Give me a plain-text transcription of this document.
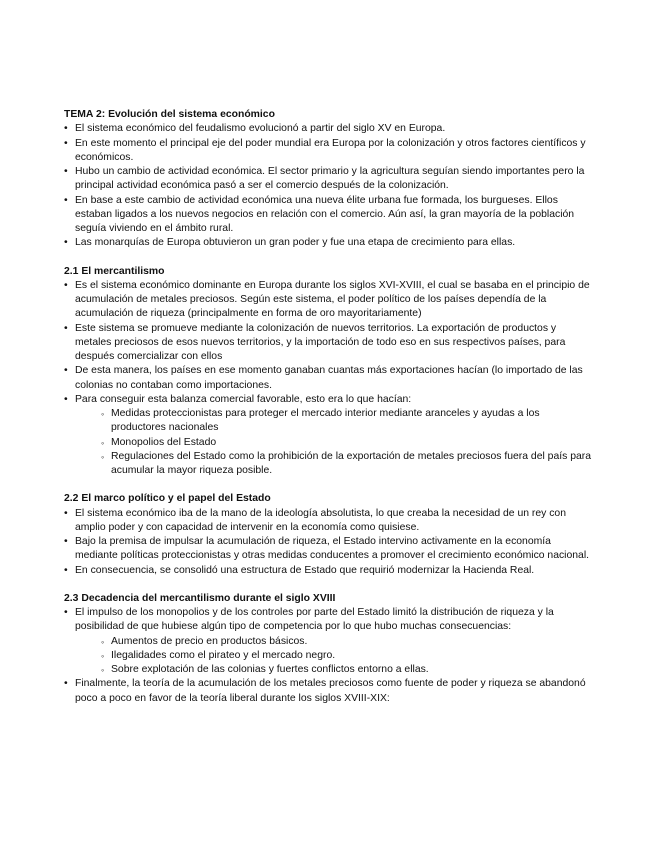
TEMA 2: Evolución del sistema económico
• El sistema económico del feudalismo evolucionó a partir del siglo XV en Europa.
• En este momento el principal eje del poder mundial era Europa por la colonización y otros factores científicos y económicos.
• Hubo un cambio de actividad económica. El sector primario y la agricultura seguían siendo importantes pero la principal actividad económica pasó a ser el comercio después de la colonización.
• En base a este cambio de actividad económica una nueva élite urbana fue formada, los burgueses. Ellos estaban ligados a los nuevos negocios en relación con el comercio. Aún así, la gran mayoría de la población seguía viviendo en el ámbito rural.
• Las monarquías de Europa obtuvieron un gran poder y fue una etapa de crecimiento para ellas.
2.1 El mercantilismo
• Es el sistema económico dominante en Europa durante los siglos XVI-XVIII, el cual se basaba en el principio de acumulación de metales preciosos. Según este sistema, el poder político de los países dependía de la acumulación de riqueza (principalmente en forma de oro mayoritariamente)
• Este sistema se promueve mediante la colonización de nuevos territorios. La exportación de productos y metales preciosos de esos nuevos territorios, y la importación de todo eso en sus respectivos países, para después comercializar con ellos
• De esta manera, los países en ese momento ganaban cuantas más exportaciones hacían (lo importado de las colonias no contaban como importaciones.
• Para conseguir esta balanza comercial favorable, esto era lo que hacían:
◦ Medidas proteccionistas para proteger el mercado interior mediante aranceles y ayudas a los productores nacionales
◦ Monopolios del Estado
◦ Regulaciones del Estado como la prohibición de la exportación de metales preciosos fuera del país para acumular la mayor riqueza posible.
2.2 El marco político y el papel del Estado
• El sistema económico iba de la mano de la ideología absolutista, lo que creaba la necesidad de un rey con amplio poder y con capacidad de intervenir en la economía como quisiese.
• Bajo la premisa de impulsar la acumulación de riqueza, el Estado intervino activamente en la economía mediante políticas proteccionistas y otras medidas conducentes a promover el crecimiento económico nacional.
• En consecuencia, se consolidó una estructura de Estado que requirió modernizar la Hacienda Real.
2.3 Decadencia del mercantilismo durante el siglo XVIII
• El impulso de los monopolios y de los controles por parte del Estado limitó la distribución de riqueza y la posibilidad de que hubiese algún tipo de competencia por lo que hubo muchas consecuencias:
◦ Aumentos de precio en productos básicos.
◦ Ilegalidades como el pirateo y el mercado negro.
◦ Sobre explotación de las colonias y fuertes conflictos entorno a ellas.
• Finalmente, la teoría de la acumulación de los metales preciosos como fuente de poder y riqueza se abandonó poco a poco en favor de la teoría liberal durante los siglos XVIII-XIX:
